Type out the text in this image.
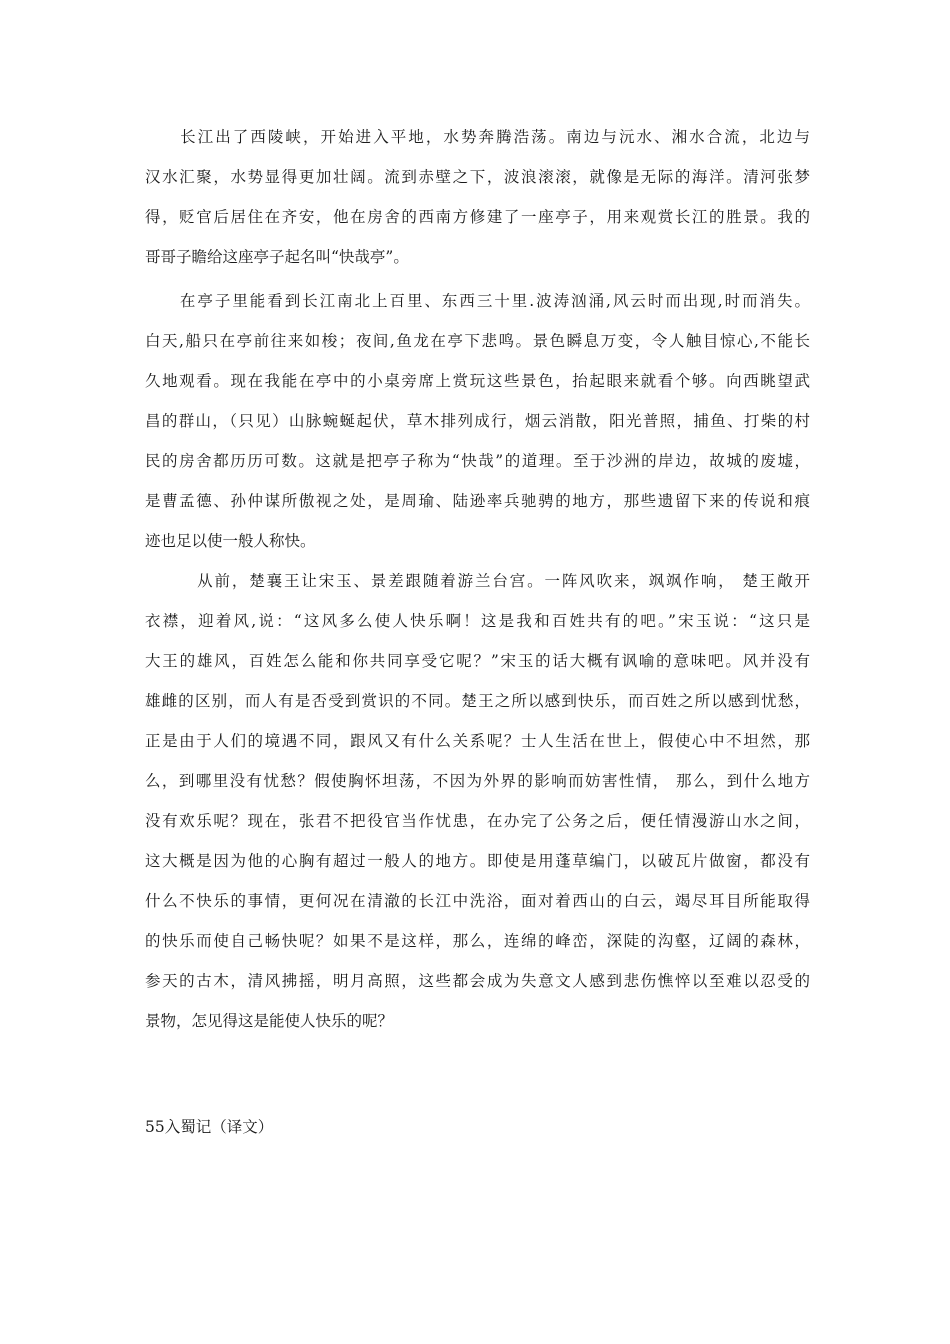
　　长江出了西陵峡，开始进入平地，水势奔腾浩荡。南边与沅水、湘水合流，北边与
汉水汇聚，水势显得更加壮阔。流到赤壁之下，波浪滚滚，就像是无际的海洋。清河张梦
得，贬官后居住在齐安，他在房舍的西南方修建了一座亭子，用来观赏长江的胜景。我的
哥哥子瞻给这座亭子起名叫“快哉亭”。
　　在亭子里能看到长江南北上百里、东西三十里.波涛汹涌,风云时而出现,时而消失。
白天,船只在亭前往来如梭；夜间,鱼龙在亭下悲鸣。景色瞬息万变，令人触目惊心,不能长
久地观看。现在我能在亭中的小桌旁席上赏玩这些景色，抬起眼来就看个够。向西眺望武
昌的群山，（只见）山脉蜿蜒起伏，草木排列成行，烟云消散，阳光普照，捕鱼、打柴的村
民的房舍都历历可数。这就是把亭子称为“快哉”的道理。至于沙洲的岸边，故城的废墟，
是曹孟德、孙仲谋所傲视之处，是周瑜、陆逊率兵驰骋的地方，那些遗留下来的传说和痕
迹也足以使一般人称快。
　　　从前，楚襄王让宋玉、景差跟随着游兰台宫。一阵风吹来，飒飒作响， 楚王敞开
衣襟，迎着风,说：“这风多么使人快乐啊！这是我和百姓共有的吧。”宋玉说：“这只是
大王的雄风，百姓怎么能和你共同享受它呢？”宋玉的话大概有讽喻的意味吧。风并没有
雄雌的区别，而人有是否受到赏识的不同。楚王之所以感到快乐，而百姓之所以感到忧愁，
正是由于人们的境遇不同，跟风又有什么关系呢？士人生活在世上，假使心中不坦然，那
么，到哪里没有忧愁？假使胸怀坦荡，不因为外界的影响而妨害性情， 那么，到什么地方
没有欢乐呢？现在，张君不把役官当作忧患，在办完了公务之后，便任情漫游山水之间，
这大概是因为他的心胸有超过一般人的地方。即使是用蓬草编门，以破瓦片做窗，都没有
什么不快乐的事情，更何况在清澈的长江中洗浴，面对着西山的白云，竭尽耳目所能取得
的快乐而使自己畅快呢？如果不是这样，那么，连绵的峰峦，深陡的沟壑，辽阔的森林，
参天的古木，清风拂摇，明月高照，这些都会成为失意文人感到悲伤憔悴以至难以忍受的
景物，怎见得这是能使人快乐的呢？
55入蜀记（译文）
